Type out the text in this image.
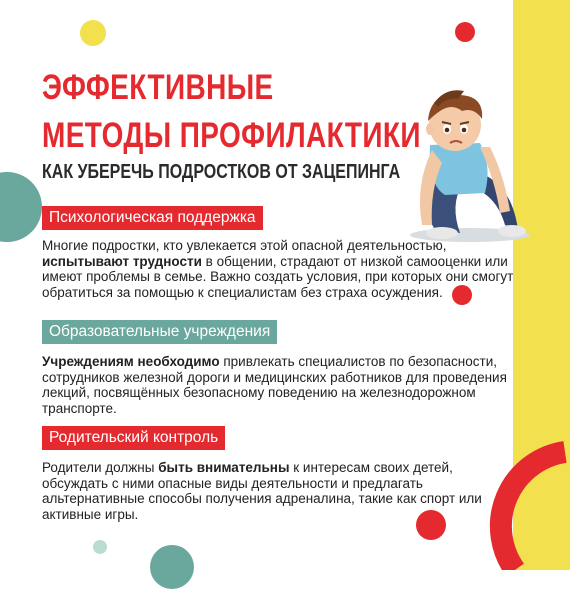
ЭФФЕКТИВНЫЕ
МЕТОДЫ ПРОФИЛАКТИКИ
КАК УБЕРЕЧЬ ПОДРОСТКОВ ОТ ЗАЦЕПИНГА
Психологическая поддержка

Многие подростки, кто увлекается этой опасной деятельностью, испытывают трудности в общении, страдают от низкой самооценки или имеют проблемы в семье. Важно создать условия, при которых они смогут обратиться за помощью к специалистам без страха осуждения.

Образовательные учреждения

Учреждениям необходимо привлекать специалистов по безопасности, сотрудников железной дороги и медицинских работников для проведения лекций, посвящённых безопасному поведению на железнодорожном транспорте.

Родительский контроль

Родители должны быть внимательны к интересам своих детей, обсуждать с ними опасные виды деятельности и предлагать альтернативные способы получения адреналина, такие как спорт или активные игры.
